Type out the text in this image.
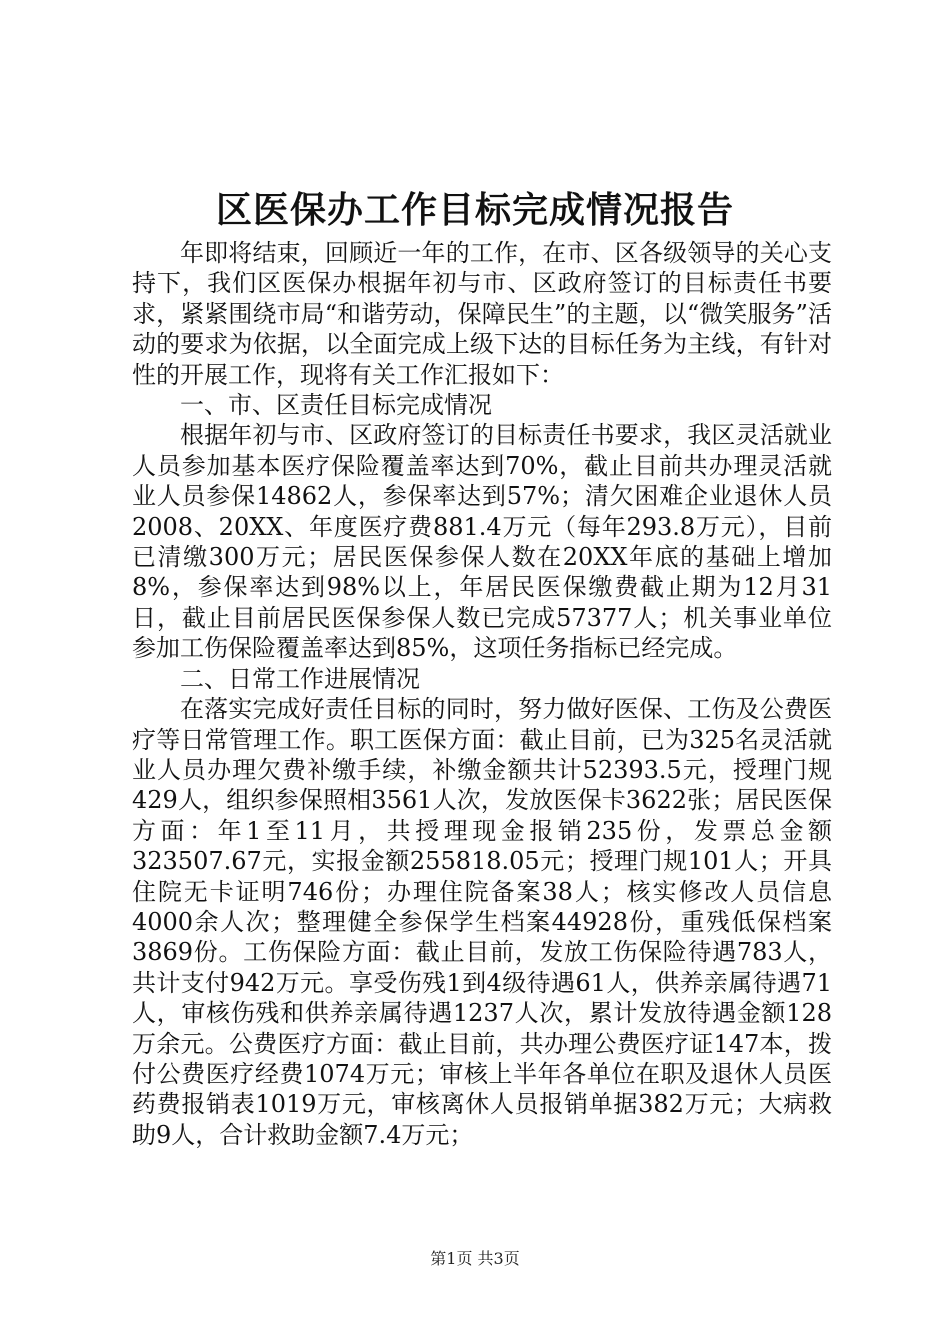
区医保办工作目标完成情况报告

年即将结束，回顾近一年的工作，在市、区各级领导的关心支持下，我们区医保办根据年初与市、区政府签订的目标责任书要求，紧紧围绕市局“和谐劳动，保障民生”的主题，以“微笑服务”活动的要求为依据，以全面完成上级下达的目标任务为主线，有针对性的开展工作，现将有关工作汇报如下：

一、市、区责任目标完成情况

根据年初与市、区政府签订的目标责任书要求，我区灵活就业人员参加基本医疗保险覆盖率达到70%，截止目前共办理灵活就业人员参保14862人，参保率达到57%；清欠困难企业退休人员2008、20XX、年度医疗费881.4万元（每年293.8万元），目前已清缴300万元；居民医保参保人数在20XX年底的基础上增加8%，参保率达到98%以上，年居民医保缴费截止期为12月31日，截止目前居民医保参保人数已完成57377人；机关事业单位参加工伤保险覆盖率达到85%，这项任务指标已经完成。

二、日常工作进展情况

在落实完成好责任目标的同时，努力做好医保、工伤及公费医疗等日常管理工作。职工医保方面：截止目前，已为325名灵活就业人员办理欠费补缴手续，补缴金额共计52393.5元，授理门规429人，组织参保照相3561人次，发放医保卡3622张；居民医保方面：年1至11月，共授理现金报销235份，发票总金额323507.67元，实报金额255818.05元；授理门规101人；开具住院无卡证明746份；办理住院备案38人；核实修改人员信息4000余人次；整理健全参保学生档案44928份，重残低保档案3869份。工伤保险方面：截止目前，发放工伤保险待遇783人，共计支付942万元。享受伤残1到4级待遇61人，供养亲属待遇71人，审核伤残和供养亲属待遇1237人次，累计发放待遇金额128万余元。公费医疗方面：截止目前，共办理公费医疗证147本，拨付公费医疗经费1074万元；审核上半年各单位在职及退休人员医药费报销表1019万元，审核离休人员报销单据382万元；大病救助9人，合计救助金额7.4万元；

第1页 共3页
